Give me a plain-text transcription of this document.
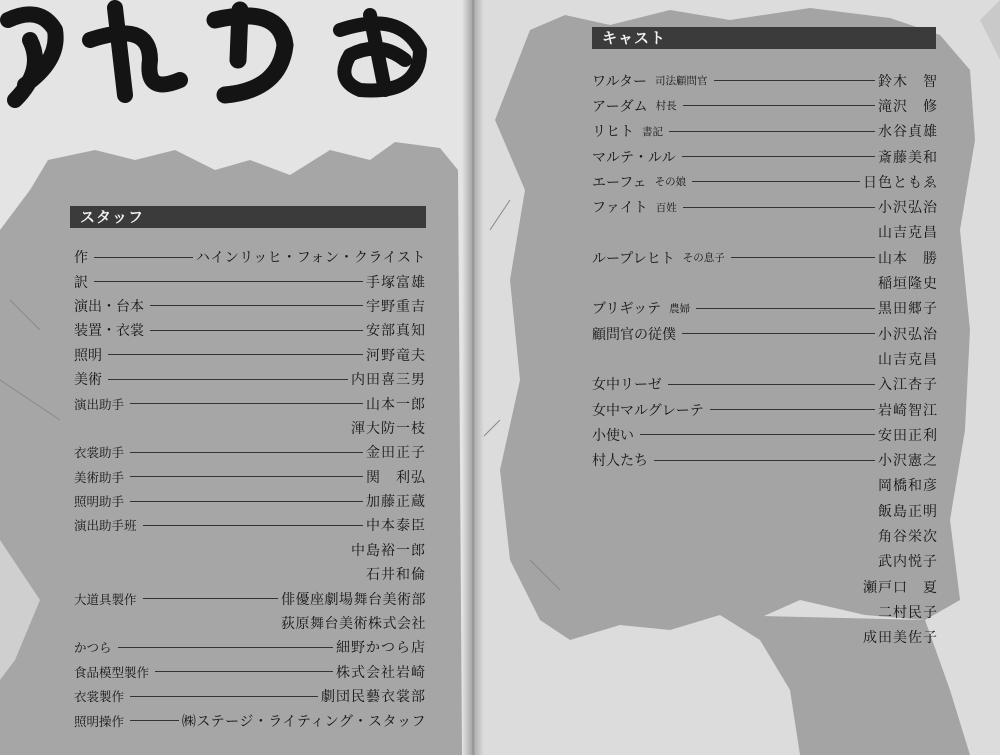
スタッフ
作	ハインリッヒ・フォン・クライスト
訳	手塚富雄
演出・台本	宇野重吉
装置・衣裳	安部真知
照明	河野竜夫
美術	内田喜三男
演出助手	山本一郎
渾大防一枝
衣裳助手	金田正子
美術助手	関　利弘
照明助手	加藤正蔵
演出助手班	中本泰臣
中島裕一郎
石井和倫
大道具製作	俳優座劇場舞台美術部
荻原舞台美術株式会社
かつら	細野かつら店
食品模型製作	株式会社岩崎
衣裳製作	劇団民藝衣裳部
照明操作	㈱ステージ・ライティング・スタッフ
キャスト
ワルター 司法顧問官	鈴木　智
アーダム 村長	滝沢　修
リヒト 書記	水谷貞雄
マルテ・ルル	斎藤美和
エーフェ その娘	日色ともゑ
ファイト 百姓	小沢弘治
山吉克昌
ループレヒト その息子	山本　勝
稲垣隆史
ブリギッテ 農婦	黒田郷子
顧問官の従僕	小沢弘治
山吉克昌
女中リーゼ	入江杏子
女中マルグレーテ	岩崎智江
小使い	安田正利
村人たち	小沢憲之
岡橋和彦
飯島正明
角谷栄次
武内悦子
瀬戸口　夏
二村民子
成田美佐子
